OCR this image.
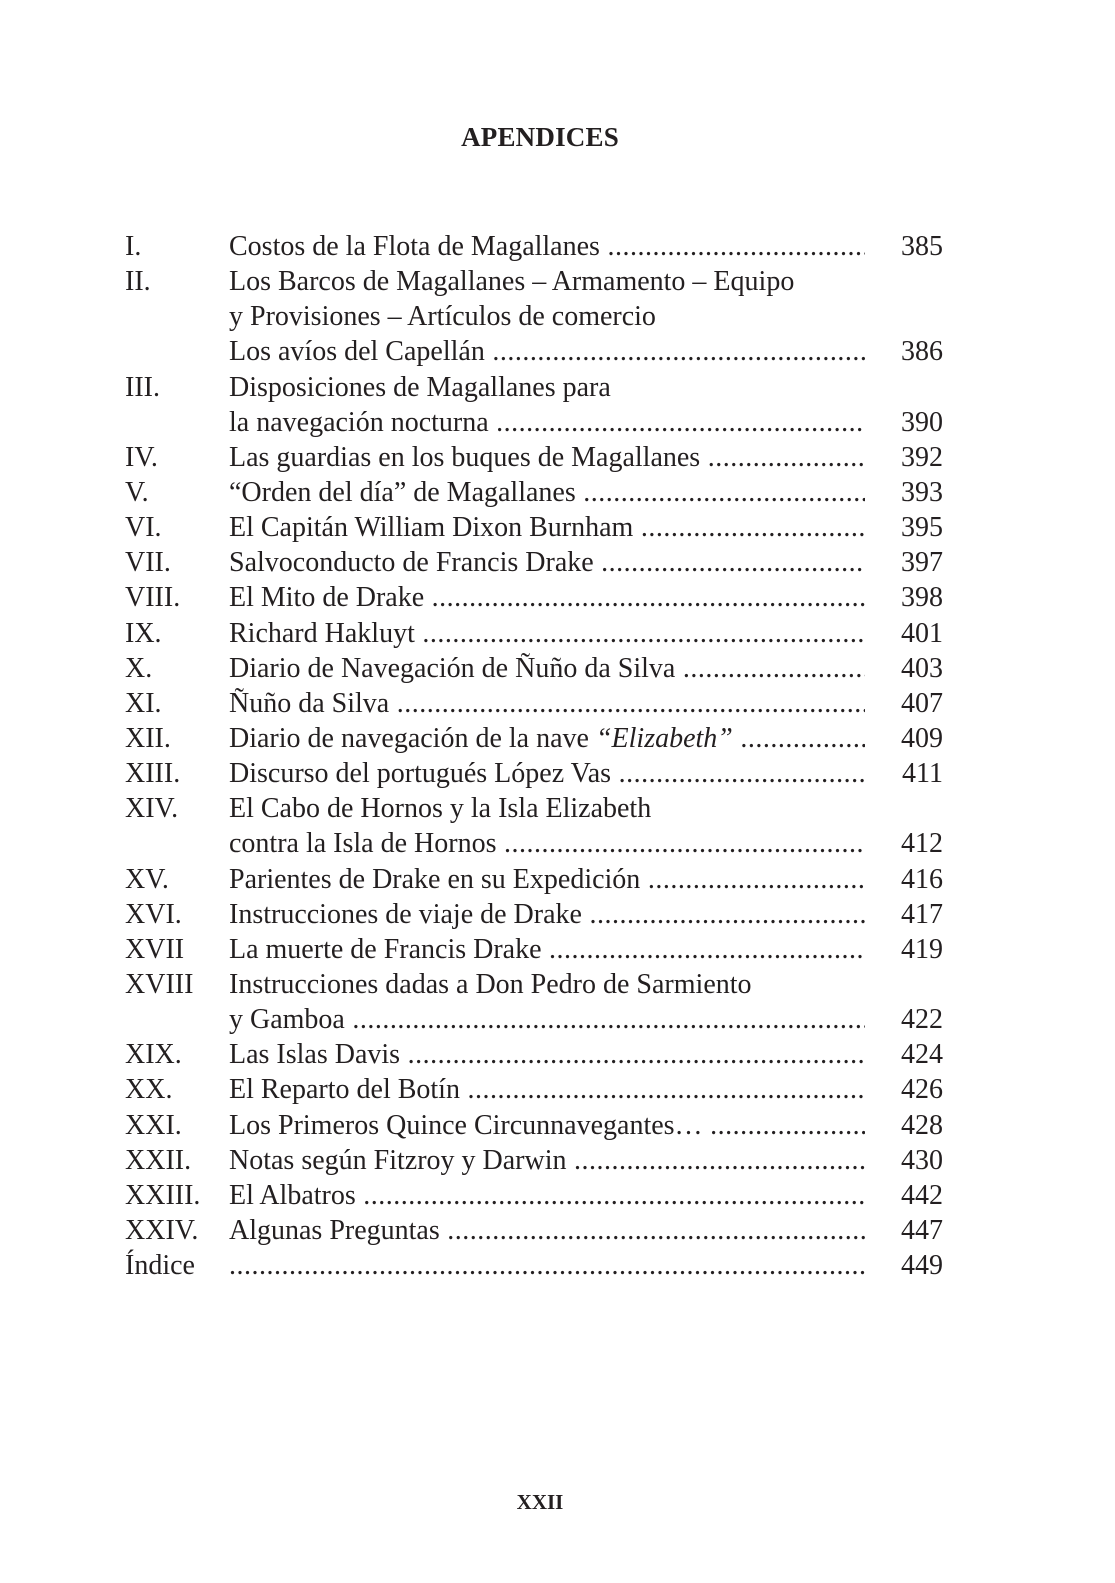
APENDICES
I.	Costos de la Flota de Magallanes .....	385
II.	Los Barcos de Magallanes – Armamento – Equipo
y Provisiones – Artículos de comercio
Los avíos del Capellán .....	386
III. Disposiciones de Magallanes para
la navegación nocturna .....	390
IV.	Las guardias en los buques de Magallanes .....	392
V.	“Orden del día” de Magallanes .....	393
VI. El Capitán William Dixon Burnham .....	395
VII. Salvoconducto de Francis Drake .....	397
VIII. El Mito de Drake .....	398
IX. Richard Hakluyt .....	401
X.	Diario de Navegación de Ñuño da Silva .....	403
XI. Ñuño da Silva .....	407
XII. Diario de navegación de la nave “Elizabeth” .....	409
XIII. Discurso del portugués López Vas .....	411
XIV. El Cabo de Hornos y la Isla Elizabeth
contra la Isla de Hornos .....	412
XV. Parientes de Drake en su Expedición .....	416
XVI. Instrucciones de viaje de Drake .....	417
XVII La muerte de Francis Drake .....	419
XVIII Instrucciones dadas a Don Pedro de Sarmiento
y Gamboa .....	422
XIX. Las Islas Davis .....	424
XX. El Reparto del Botín .....	426
XXI. Los Primeros Quince Circunnavegantes… .....	428
XXII. Notas según Fitzroy y Darwin .....	430
XXIII. El Albatros .....	442
XXIV. Algunas Preguntas .....	447
Índice .....	449
XXII
